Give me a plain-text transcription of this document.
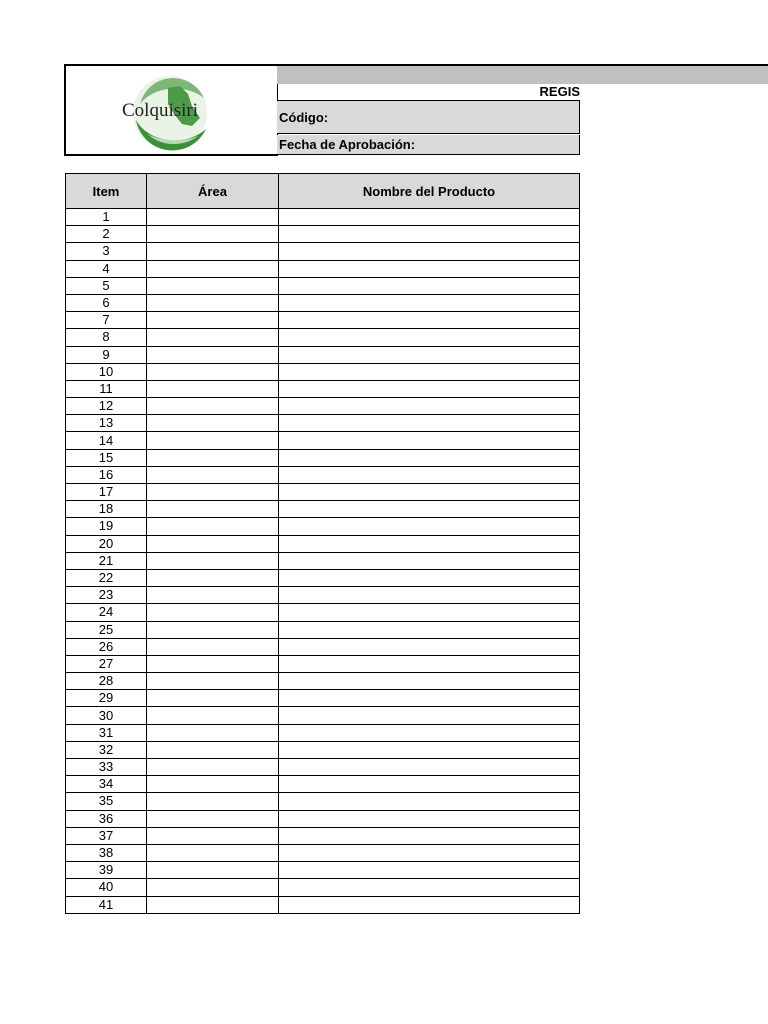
Colquisiri
REGIS
Código:
Fecha de Aprobación:
Item	Área	Nombre del Producto
1		
2		
3		
4		
5		
6		
7		
8		
9		
10		
11		
12		
13		
14		
15		
16		
17		
18		
19		
20		
21		
22		
23		
24		
25		
26		
27		
28		
29		
30		
31		
32		
33		
34		
35		
36		
37		
38		
39		
40		
41		
